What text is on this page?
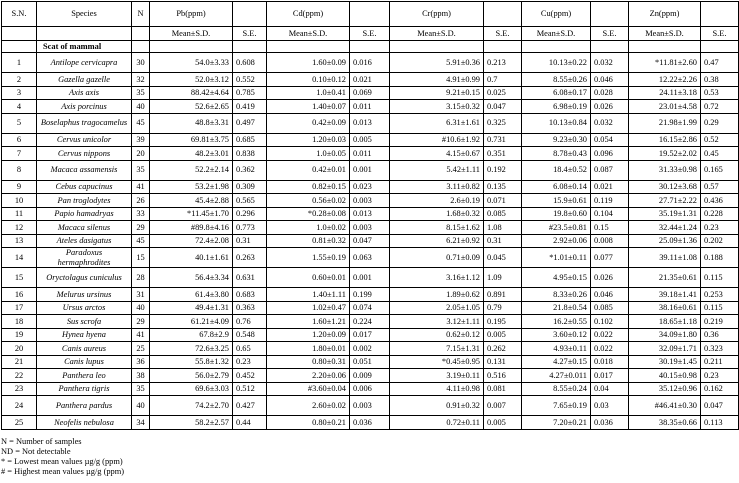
S.N.	Species	N	Pb(ppm)		Cd(ppm)		Cr(ppm)		Cu(ppm)		Zn(ppm)	
			Mean±S.D.	S.E.	Mean±S.D.	S.E.	Mean±S.D.	S.E.	Mean±S.D.	S.E.	Mean±S.D.	S.E.
	Scat of mammal											
1	Antilope cervicapra	30	54.0±3.33	0.608	1.60±0.09	0.016	5.91±0.36	0.213	10.13±0.22	0.032	*11.81±2.60	0.47
2	Gazella gazelle	32	52.0±3.12	0.552	0.10±0.12	0.021	4.91±0.99	0.7	8.55±0.26	0.046	12.22±2.26	0.38
3	Axis axis	35	88.42±4.64	0.785	1.0±0.41	0.069	9.21±0.15	0.025	6.08±0.17	0.028	24.11±3.18	0.53
4	Axis porcinus	40	52.6±2.65	0.419	1.40±0.07	0.011	3.15±0.32	0.047	6.98±0.19	0.026	23.01±4.58	0.72
5	Boselaphus tragocamelus	45	48.8±3.31	0.497	0.42±0.09	0.013	6.31±1.61	0.325	10.13±0.84	0.032	21.98±1.99	0.29
6	Cervus unicolor	39	69.81±3.75	0.685	1.20±0.03	0.005	#10.6±1.92	0.731	9.23±0.30	0.054	16.15±2.86	0.52
7	Cervus nippons	20	48.2±3.01	0.838	1.0±0.05	0.011	4.15±0.67	0.351	8.78±0.43	0.096	19.52±2.02	0.45
8	Macaca assamensis	35	52.2±2.14	0.362	0.42±0.01	0.001	5.42±1.11	0.192	18.4±0.52	0.087	31.33±0.98	0.165
9	Cebus capucinus	41	53.2±1.98	0.309	0.82±0.15	0.023	3.11±0.82	0.135	6.08±0.14	0.021	30.12±3.68	0.57
10	Pan troglodytes	26	45.4±2.88	0.565	0.56±0.02	0.003	2.6±0.19	0.071	15.9±0.61	0.119	27.71±2.22	0.436
11	Papio hamadryas	33	*11.45±1.70	0.296	*0.28±0.08	0.013	1.68±0.32	0.085	19.8±0.60	0.104	35.19±1.31	0.228
12	Macaca silenus	29	#89.8±4.16	0.773	1.0±0.02	0.003	8.15±1.62	1.08	#23.5±0.81	0.15	32.44±1.24	0.23
13	Ateles dasigatus	45	72.4±2.08	0.31	0.81±0.32	0.047	6.21±0.92	0.31	2.92±0.06	0.008	25.09±1.36	0.202
14	Paradoxus hermaphrodites	15	40.1±1.61	0.263	1.55±0.19	0.063	0.71±0.09	0.045	*1.01±0.11	0.077	39.11±1.08	0.188
15	Oryctolagus cuniculus	28	56.4±3.34	0.631	0.60±0.01	0.001	3.16±1.12	1.09	4.95±0.15	0.026	21.35±0.61	0.115
16	Melurus ursinus	31	61.4±3.80	0.683	1.40±1.11	0.199	1.89±0.62	0.891	8.33±0.26	0.046	39.18±1.41	0.253
17	Ursus arctos	40	49.4±1.31	0.363	1.02±0.47	0.074	2.05±1.05	0.79	21.8±0.54	0.085	38.16±0.61	0.115
18	Sus scrofa	29	61.21±4.09	0.76	1.60±1.21	0.224	3.12±1.11	0.195	16.2±0.55	0.102	18.65±1.18	0.219
19	Hynea hyena	41	67.8±2.9	0.548	1.20±0.09	0.017	0.62±0.12	0.005	3.60±0.12	0.022	34.09±1.80	0.36
20	Canis aureus	25	72.6±3.25	0.65	1.80±0.01	0.002	7.15±1.31	0.262	4.93±0.11	0.022	32.09±1.71	0.323
21	Canis lupus	36	55.8±1.32	0.23	0.80±0.31	0.051	*0.45±0.95	0.131	4.27±0.15	0.018	30.19±1.45	0.211
22	Panthera leo	38	56.0±2.79	0.452	2.20±0.06	0.009	3.19±0.11	0.516	4.27±0.011	0.017	40.15±0.98	0.23
23	Panthera tigris	35	69.6±3.03	0.512	#3.60±0.04	0.006	4.11±0.98	0.081	8.55±0.24	0.04	35.12±0.96	0.162
24	Panthera pardus	40	74.2±2.70	0.427	2.60±0.02	0.003	0.91±0.32	0.007	7.65±0.19	0.03	#46.41±0.30	0.047
25	Neofelis nebulosa	34	58.2±2.57	0.44	0.80±0.21	0.036	0.72±0.11	0.005	7.20±0.21	0.036	38.35±0.66	0.113
N = Number of samples
ND = Not detectable
* = Lowest mean values µg/g (ppm)
# = Highest mean values µg/g (ppm)
